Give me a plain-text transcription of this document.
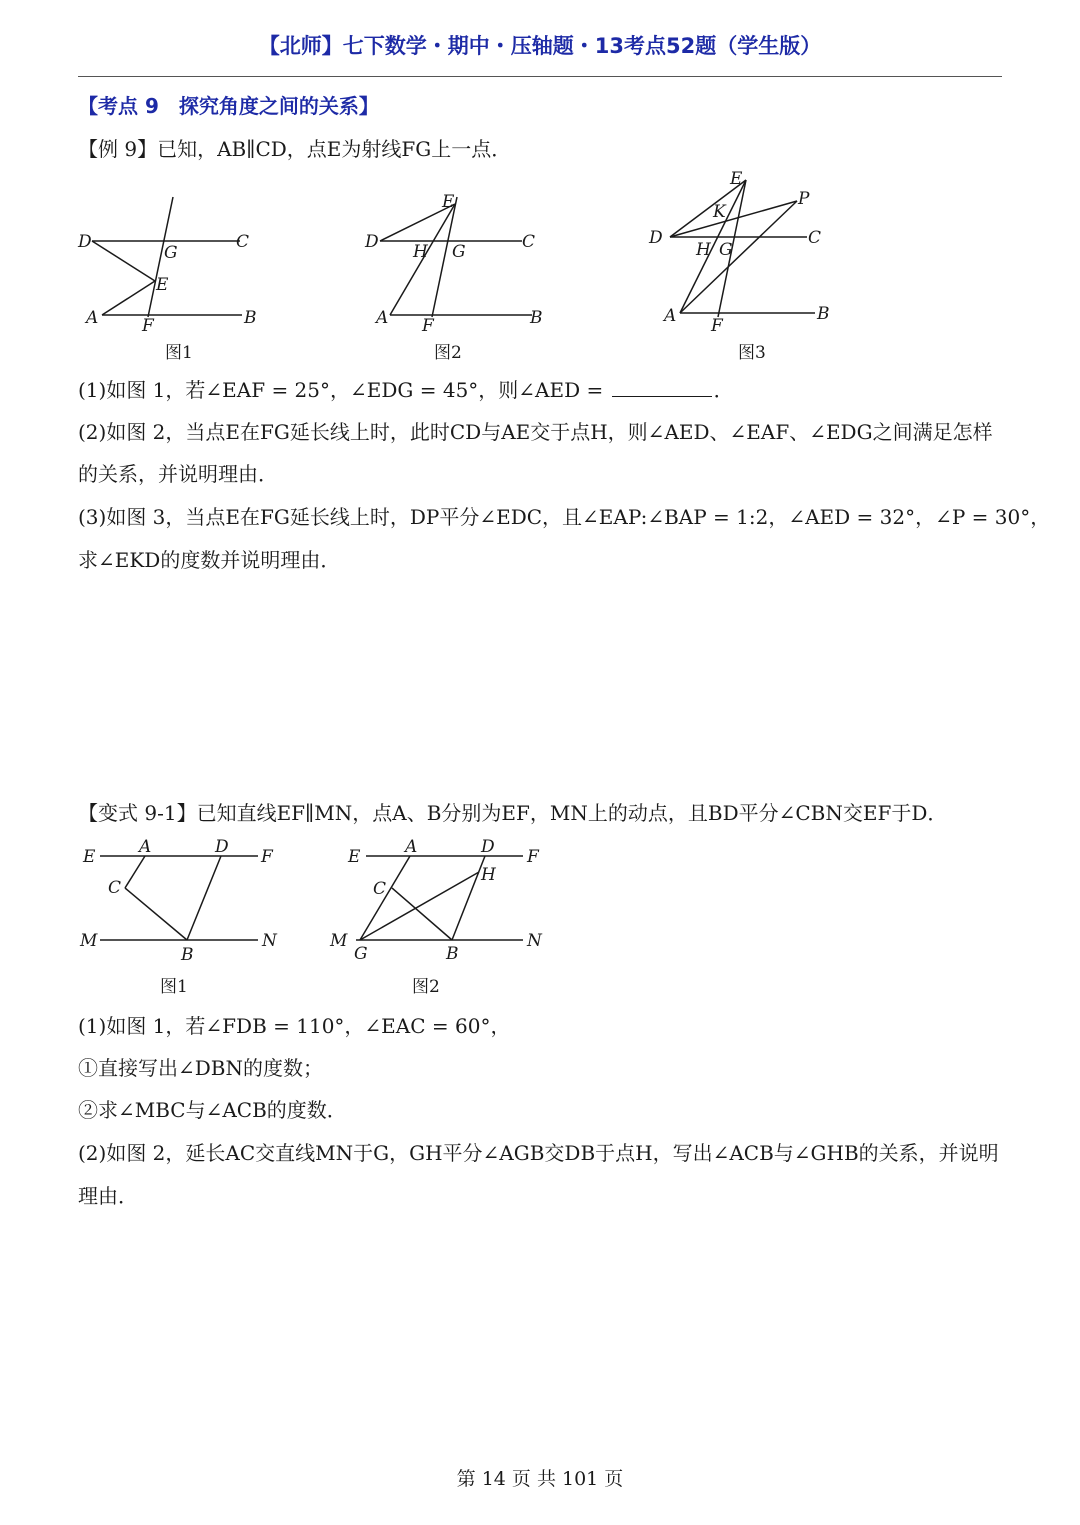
【北师】七下数学・期中・压轴题・13考点52题（学生版）
【考点 9　探究角度之间的关系】
【例 9】已知，AB∥CD，点E为射线FG上一点．
D
G
C
E
A	F	B
图1
E
D H G	C
A F	B
图2
E
P
K
D
H G
C
A F
B
图3
(1)如图 1，若∠EAF = 25°，∠EDG = 45°，则∠AED =	．
(2)如图 2，当点E在FG延长线上时，此时CD与AE交于点H，则∠AED、∠EAF、∠EDG之间满足怎样
的关系，并说明理由．
(3)如图 3，当点E在FG延长线上时，DP平分∠EDC，且∠EAP:∠BAP = 1:2，∠AED = 32°，∠P = 30°，
求∠EKD的度数并说明理由．
【变式 9-1】已知直线EF∥MN，点A、B分别为EF，MN上的动点，且BD平分∠CBN交EF于D．
E	A	D F
C
M
B
N
图1
E	A	D F
H
C
M
G	B
N
图2
(1)如图 1，若∠FDB = 110°，∠EAC = 60°，
①直接写出∠DBN的度数；
②求∠MBC与∠ACB的度数．
(2)如图 2，延长AC交直线MN于G，GH平分∠AGB交DB于点H，写出∠ACB与∠GHB的关系，并说明
理由．
第 14 页 共 101 页
